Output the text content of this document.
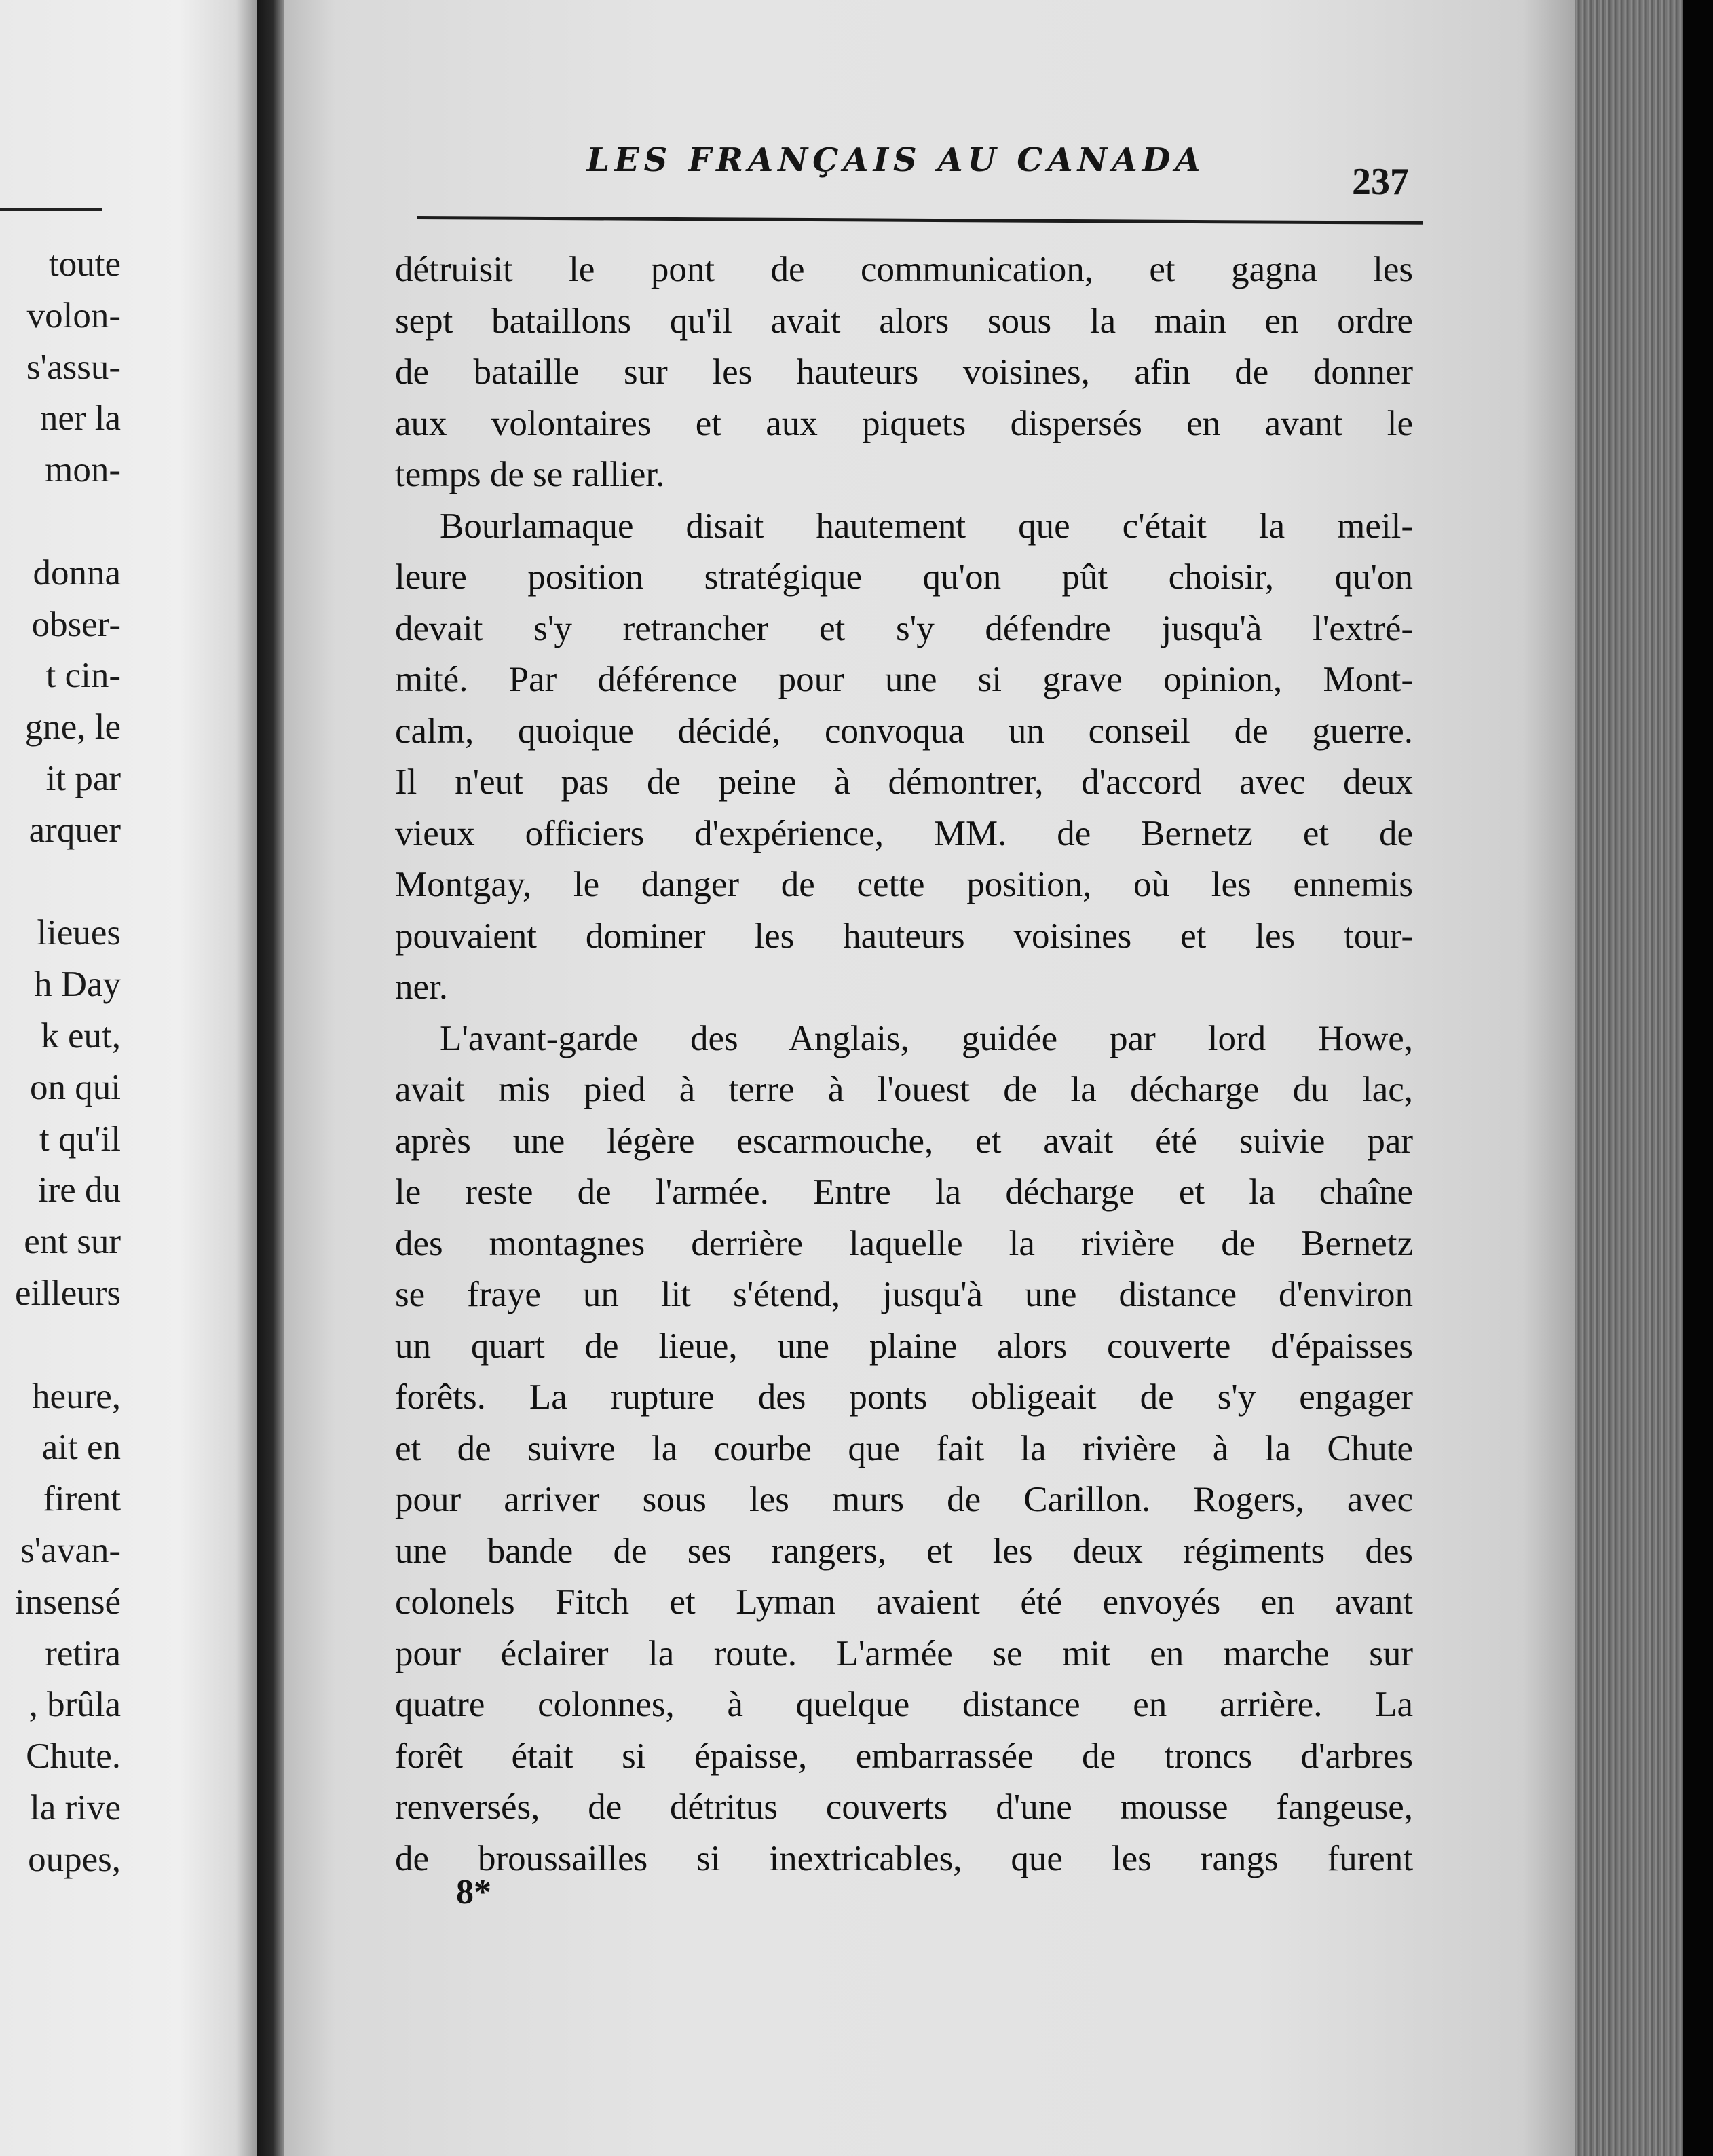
toute
volon-
s'assu-
ner la
mon-
donna
obser-
t cin-
gne, le
it par
arquer
lieues
h Day
k eut,
on qui
t qu'il
ire du
ent sur
eilleurs
heure,
ait en
firent
s'avan-
insensé
retira
, brûla
Chute.
la rive
oupes,
LES FRANÇAIS AU CANADA
237
détruisit le pont de communication, et gagna les
sept bataillons qu'il avait alors sous la main en ordre
de bataille sur les hauteurs voisines, afin de donner
aux volontaires et aux piquets dispersés en avant le
temps de se rallier.
Bourlamaque disait hautement que c'était la meil-
leure position stratégique qu'on pût choisir, qu'on
devait s'y retrancher et s'y défendre jusqu'à l'extré-
mité. Par déférence pour une si grave opinion, Mont-
calm, quoique décidé, convoqua un conseil de guerre.
Il n'eut pas de peine à démontrer, d'accord avec deux
vieux officiers d'expérience, MM. de Bernetz et de
Montgay, le danger de cette position, où les ennemis
pouvaient dominer les hauteurs voisines et les tour-
ner.
L'avant-garde des Anglais, guidée par lord Howe,
avait mis pied à terre à l'ouest de la décharge du lac,
après une légère escarmouche, et avait été suivie par
le reste de l'armée. Entre la décharge et la chaîne
des montagnes derrière laquelle la rivière de Bernetz
se fraye un lit s'étend, jusqu'à une distance d'environ
un quart de lieue, une plaine alors couverte d'épaisses
forêts. La rupture des ponts obligeait de s'y engager
et de suivre la courbe que fait la rivière à la Chute
pour arriver sous les murs de Carillon. Rogers, avec
une bande de ses rangers, et les deux régiments des
colonels Fitch et Lyman avaient été envoyés en avant
pour éclairer la route. L'armée se mit en marche sur
quatre colonnes, à quelque distance en arrière. La
forêt était si épaisse, embarrassée de troncs d'arbres
renversés, de détritus couverts d'une mousse fangeuse,
de broussailles si inextricables, que les rangs furent
8*
